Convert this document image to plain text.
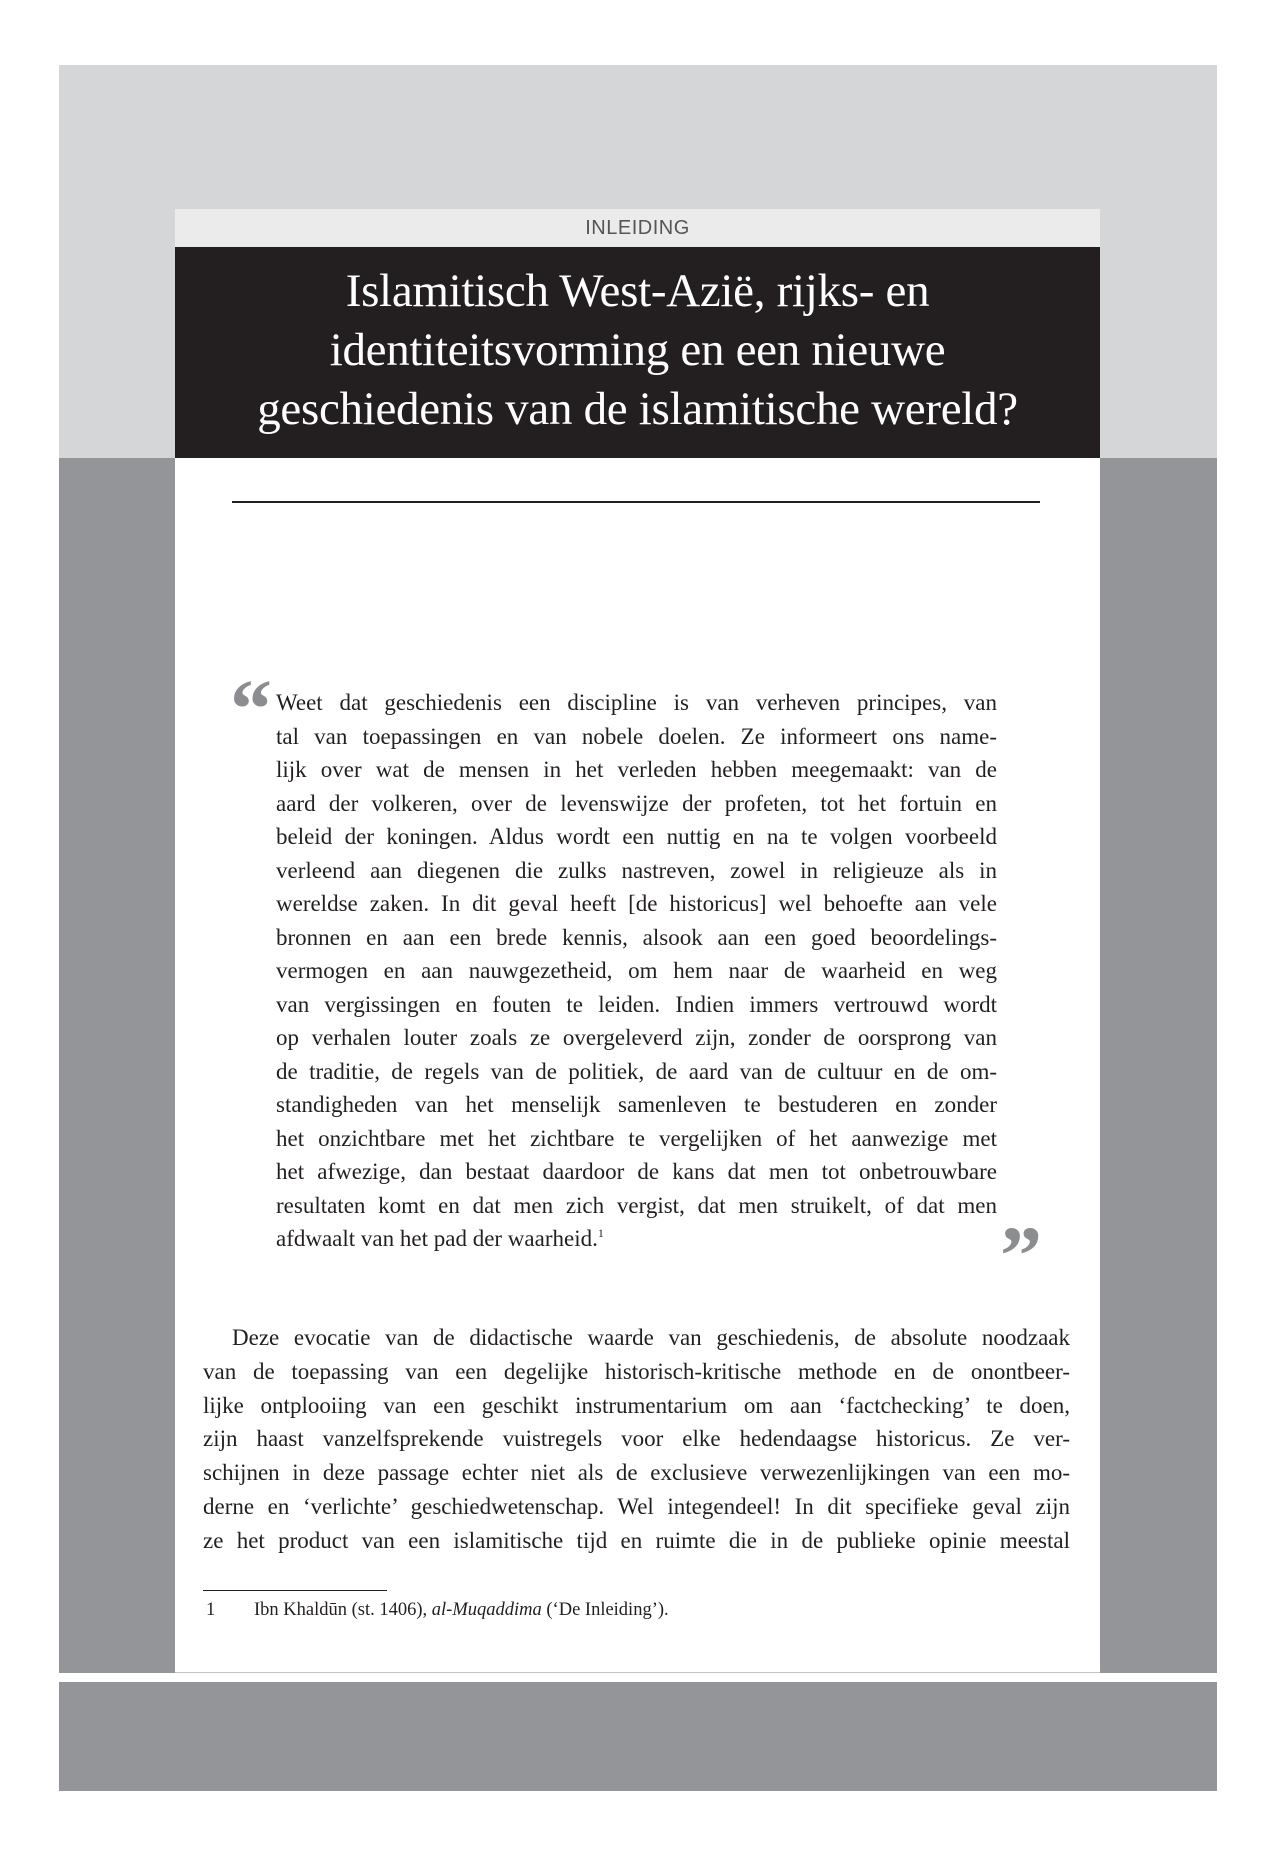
INLEIDING
Islamitisch West-Azië, rijks- en
identiteitsvorming en een nieuwe
geschiedenis van de islamitische wereld?
“ Weet dat geschiedenis een discipline is van verheven principes, van
tal van toepassingen en van nobele doelen. Ze informeert ons name-
lijk over wat de mensen in het verleden hebben meegemaakt: van de
aard der volkeren, over de levenswijze der profeten, tot het fortuin en
beleid der koningen. Aldus wordt een nuttig en na te volgen voorbeeld
verleend aan diegenen die zulks nastreven, zowel in religieuze als in
wereldse zaken. In dit geval heeft [de historicus] wel behoefte aan vele
bronnen en aan een brede kennis, alsook aan een goed beoordelings-
vermogen en aan nauwgezetheid, om hem naar de waarheid en weg
van vergissingen en fouten te leiden. Indien immers vertrouwd wordt
op verhalen louter zoals ze overgeleverd zijn, zonder de oorsprong van
de traditie, de regels van de politiek, de aard van de cultuur en de om-
standigheden van het menselijk samenleven te bestuderen en zonder
het onzichtbare met het zichtbare te vergelijken of het aanwezige met
het afwezige, dan bestaat daardoor de kans dat men tot onbetrouwbare
resultaten komt en dat men zich vergist, dat men struikelt, of dat men
afdwaalt van het pad der waarheid.$^1$	”
Deze evocatie van de didactische waarde van geschiedenis, de absolute noodzaak
van de toepassing van een degelijke historisch-kritische methode en de onontbeer-
lijke ontplooiing van een geschikt instrumentarium om aan ‘factchecking’ te doen,
zijn haast vanzelfsprekende vuistregels voor elke hedendaagse historicus. Ze ver-
schijnen in deze passage echter niet als de exclusieve verwezenlijkingen van een mo-
derne en ‘verlichte’ geschiedwetenschap. Wel integendeel! In dit specifieke geval zijn
ze het product van een islamitische tijd en ruimte die in de publieke opinie meestal
1 Ibn Khaldūn (st. 1406), al-Muqaddima (‘De Inleiding’).
